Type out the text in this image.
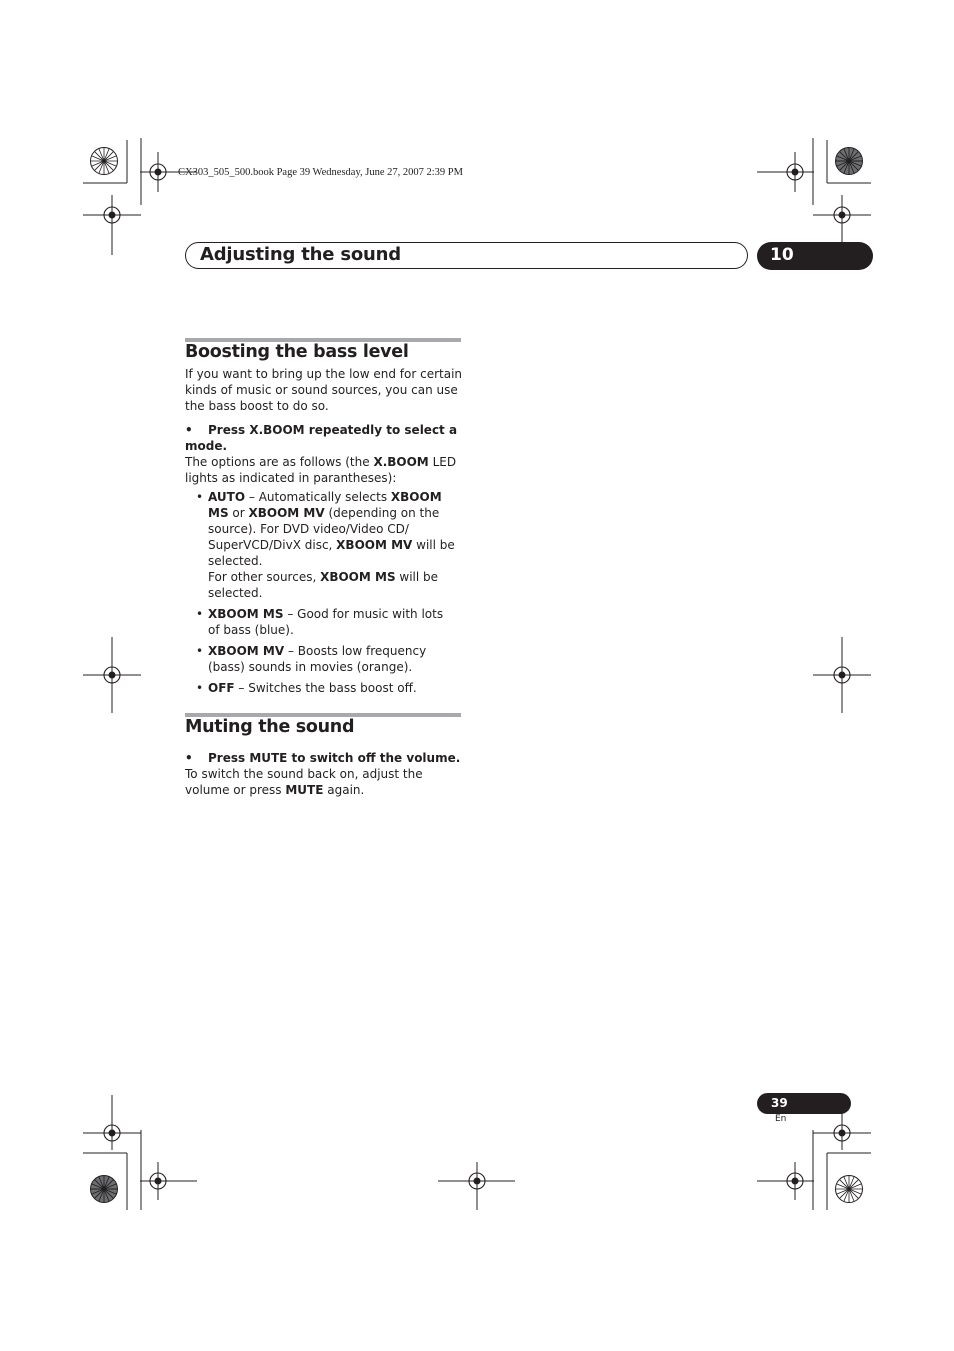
CX303_505_500.book Page 39 Wednesday, June 27, 2007 2:39 PM
Adjusting the sound	10
Boosting the bass level

If you want to bring up the low end for certain kinds of music or sound sources, you can use the bass boost to do so.

• Press X.BOOM repeatedly to select a mode.

The options are as follows (the X.BOOM LED lights as indicated in parantheses):

• AUTO – Automatically selects XBOOM MS or XBOOM MV (depending on the source). For DVD video/Video CD/ SuperVCD/DivX disc, XBOOM MV will be selected.
For other sources, XBOOM MS will be selected.
• XBOOM MS – Good for music with lots of bass (blue).
• XBOOM MV – Boosts low frequency (bass) sounds in movies (orange).
• OFF – Switches the bass boost off.
Muting the sound

• Press MUTE to switch off the volume.

To switch the sound back on, adjust the volume or press MUTE again.

39
En
